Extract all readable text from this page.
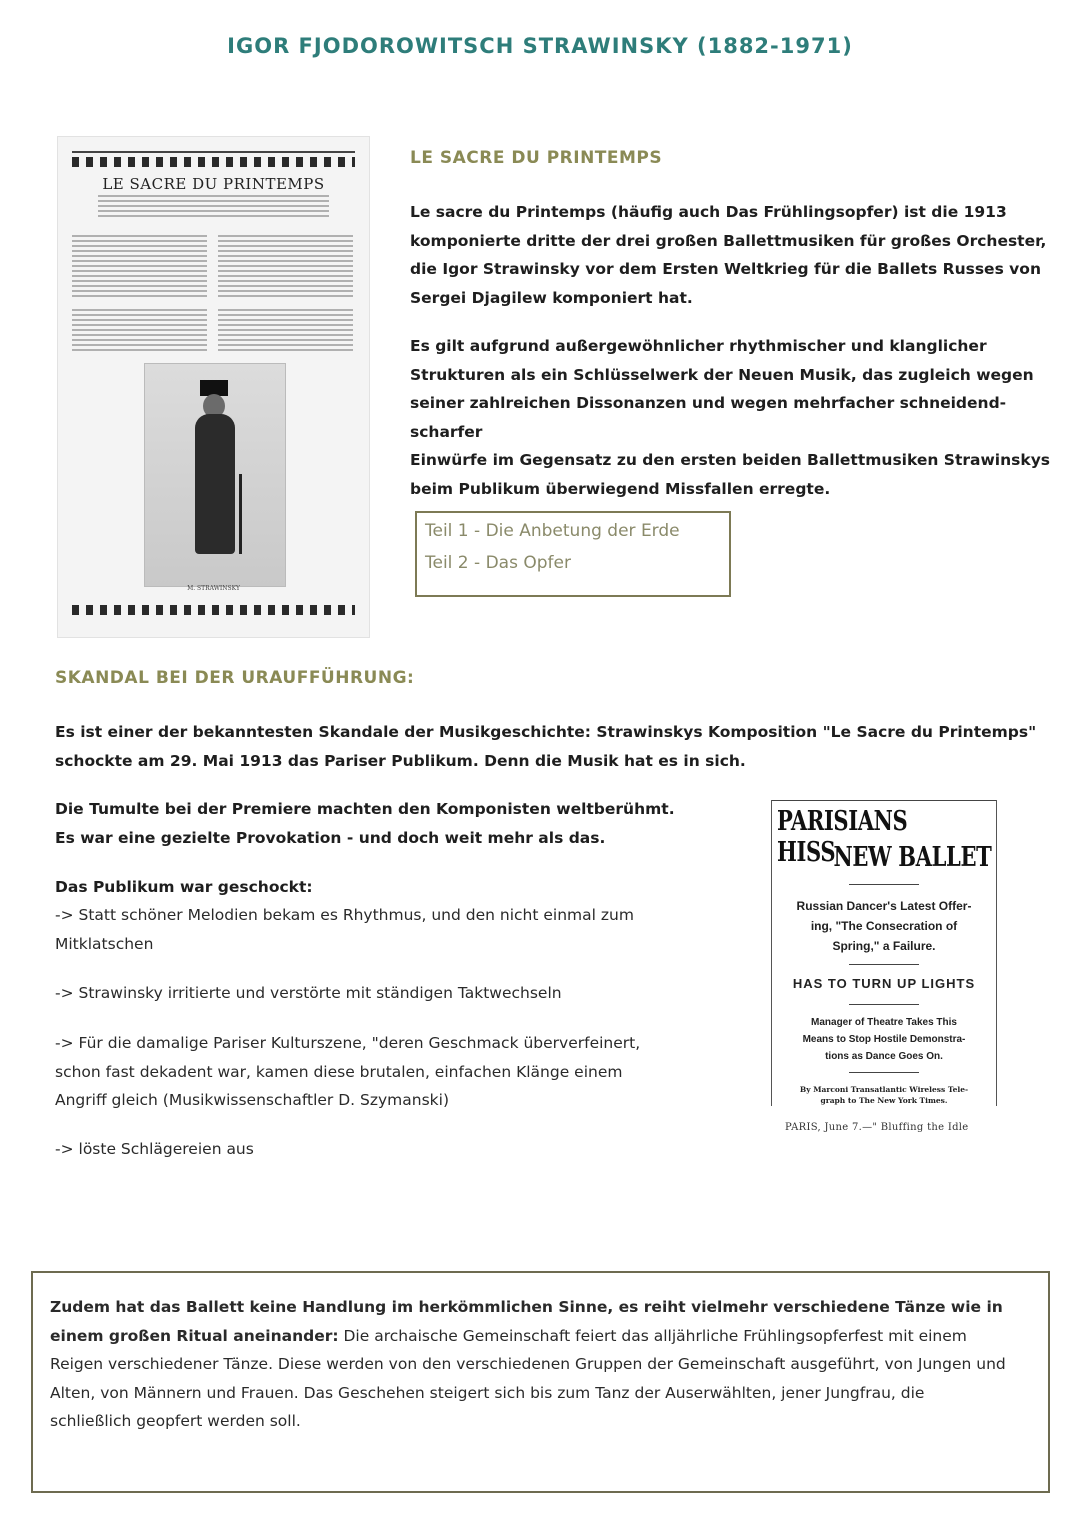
IGOR FJODOROWITSCH STRAWINSKY (1882-1971)
LE SACRE DU PRINTEMPS
M. STRAWINSKY
LE SACRE DU PRINTEMPS
Le sacre du Printemps (häufig auch Das Frühlingsopfer) ist die 1913
komponierte dritte der drei großen Ballettmusiken für großes Orchester,
die Igor Strawinsky vor dem Ersten Weltkrieg für die Ballets Russes von
Sergei Djagilew komponiert hat.
Es gilt aufgrund außergewöhnlicher rhythmischer und klanglicher
Strukturen als ein Schlüsselwerk der Neuen Musik, das zugleich wegen
seiner zahlreichen Dissonanzen und wegen mehrfacher schneidend-scharfer
Einwürfe im Gegensatz zu den ersten beiden Ballettmusiken Strawinskys
beim Publikum überwiegend Missfallen erregte.
Teil 1 - Die Anbetung der Erde
Teil 2 - Das Opfer
SKANDAL BEI DER URAUFFÜHRUNG:
Es ist einer der bekanntesten Skandale der Musikgeschichte: Strawinskys Komposition "Le Sacre du Printemps"
schockte am 29. Mai 1913 das Pariser Publikum. Denn die Musik hat es in sich.
Die Tumulte bei der Premiere machten den Komponisten weltberühmt.
Es war eine gezielte Provokation - und doch weit mehr als das.
Das Publikum war geschockt:
-> Statt schöner Melodien bekam es Rhythmus, und den nicht einmal zum
Mitklatschen
-> Strawinsky irritierte und verstörte mit ständigen Taktwechseln
-> Für die damalige Pariser Kulturszene, "deren Geschmack überverfeinert,
schon fast dekadent war, kamen diese brutalen, einfachen Klänge einem
Angriff gleich (Musikwissenschaftler D. Szymanski)
-> löste Schlägereien aus
PARISIANS HISS
NEW BALLET
Russian Dancer's Latest Offer-
ing, "The Consecration of
Spring," a Failure.
HAS TO TURN UP LIGHTS
Manager of Theatre Takes This
Means to Stop Hostile Demonstra-
tions as Dance Goes On.
By Marconi Transatlantic Wireless Tele-
graph to The New York Times.
PARIS, June 7.—" Bluffing the Idle
Zudem hat das Ballett keine Handlung im herkömmlichen Sinne, es reiht vielmehr verschiedene Tänze wie in einem großen Ritual aneinander: Die archaische Gemeinschaft feiert das alljährliche Frühlingsopferfest mit einem Reigen verschiedener Tänze. Diese werden von den verschiedenen Gruppen der Gemeinschaft ausgeführt, von Jungen und Alten, von Männern und Frauen. Das Geschehen steigert sich bis zum Tanz der Auserwählten, jener Jungfrau, die schließlich geopfert werden soll.
